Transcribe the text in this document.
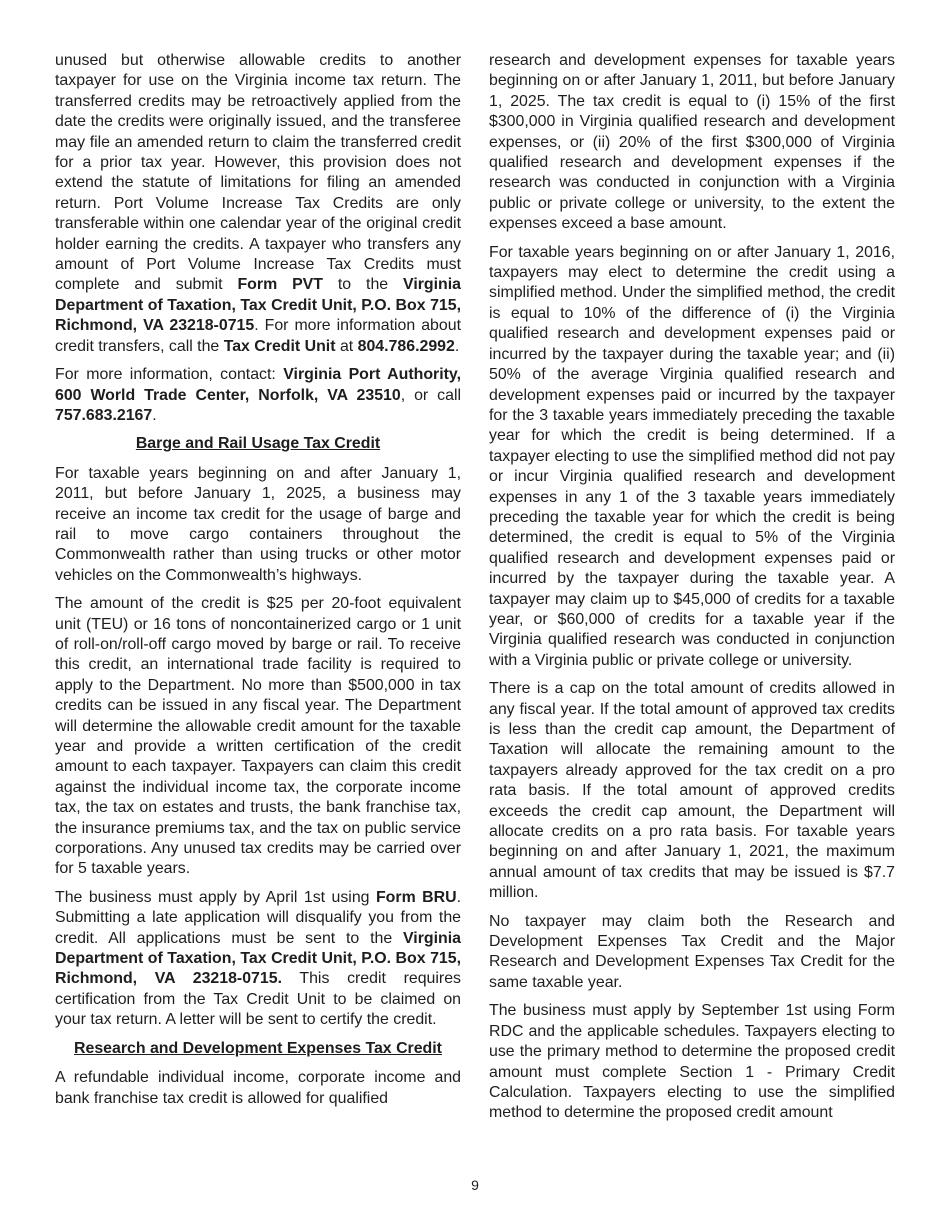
unused but otherwise allowable credits to another taxpayer for use on the Virginia income tax return. The transferred credits may be retroactively applied from the date the credits were originally issued, and the transferee may file an amended return to claim the transferred credit for a prior tax year. However, this provision does not extend the statute of limitations for filing an amended return. Port Volume Increase Tax Credits are only transferable within one calendar year of the original credit holder earning the credits. A taxpayer who transfers any amount of Port Volume Increase Tax Credits must complete and submit Form PVT to the Virginia Department of Taxation, Tax Credit Unit, P.O. Box 715, Richmond, VA 23218-0715. For more information about credit transfers, call the Tax Credit Unit at 804.786.2992.

For more information, contact: Virginia Port Authority, 600 World Trade Center, Norfolk, VA 23510, or call 757.683.2167.

Barge and Rail Usage Tax Credit

For taxable years beginning on and after January 1, 2011, but before January 1, 2025, a business may receive an income tax credit for the usage of barge and rail to move cargo containers throughout the Commonwealth rather than using trucks or other motor vehicles on the Commonwealth’s highways.

The amount of the credit is $25 per 20-foot equivalent unit (TEU) or 16 tons of noncontainerized cargo or 1 unit of roll-on/roll-off cargo moved by barge or rail. To receive this credit, an international trade facility is required to apply to the Department. No more than $500,000 in tax credits can be issued in any fiscal year. The Department will determine the allowable credit amount for the taxable year and provide a written certification of the credit amount to each taxpayer. Taxpayers can claim this credit against the individual income tax, the corporate income tax, the tax on estates and trusts, the bank franchise tax, the insurance premiums tax, and the tax on public service corporations. Any unused tax credits may be carried over for 5 taxable years.

The business must apply by April 1st using Form BRU. Submitting a late application will disqualify you from the credit. All applications must be sent to the Virginia Department of Taxation, Tax Credit Unit, P.O. Box 715, Richmond, VA 23218-0715. This credit requires certification from the Tax Credit Unit to be claimed on your tax return. A letter will be sent to certify the credit.

Research and Development Expenses Tax Credit

A refundable individual income, corporate income and bank franchise tax credit is allowed for qualified

research and development expenses for taxable years beginning on or after January 1, 2011, but before January 1, 2025. The tax credit is equal to (i) 15% of the first $300,000 in Virginia qualified research and development expenses, or (ii) 20% of the first $300,000 of Virginia qualified research and development expenses if the research was conducted in conjunction with a Virginia public or private college or university, to the extent the expenses exceed a base amount.

For taxable years beginning on or after January 1, 2016, taxpayers may elect to determine the credit using a simplified method. Under the simplified method, the credit is equal to 10% of the difference of (i) the Virginia qualified research and development expenses paid or incurred by the taxpayer during the taxable year; and (ii) 50% of the average Virginia qualified research and development expenses paid or incurred by the taxpayer for the 3 taxable years immediately preceding the taxable year for which the credit is being determined. If a taxpayer electing to use the simplified method did not pay or incur Virginia qualified research and development expenses in any 1 of the 3 taxable years immediately preceding the taxable year for which the credit is being determined, the credit is equal to 5% of the Virginia qualified research and development expenses paid or incurred by the taxpayer during the taxable year. A taxpayer may claim up to $45,000 of credits for a taxable year, or $60,000 of credits for a taxable year if the Virginia qualified research was conducted in conjunction with a Virginia public or private college or university.

There is a cap on the total amount of credits allowed in any fiscal year. If the total amount of approved tax credits is less than the credit cap amount, the Department of Taxation will allocate the remaining amount to the taxpayers already approved for the tax credit on a pro rata basis. If the total amount of approved credits exceeds the credit cap amount, the Department will allocate credits on a pro rata basis. For taxable years beginning on and after January 1, 2021, the maximum annual amount of tax credits that may be issued is $7.7 million.

No taxpayer may claim both the Research and Development Expenses Tax Credit and the Major Research and Development Expenses Tax Credit for the same taxable year.

The business must apply by September 1st using Form RDC and the applicable schedules. Taxpayers electing to use the primary method to determine the proposed credit amount must complete Section 1 - Primary Credit Calculation. Taxpayers electing to use the simplified method to determine the proposed credit amount

9
